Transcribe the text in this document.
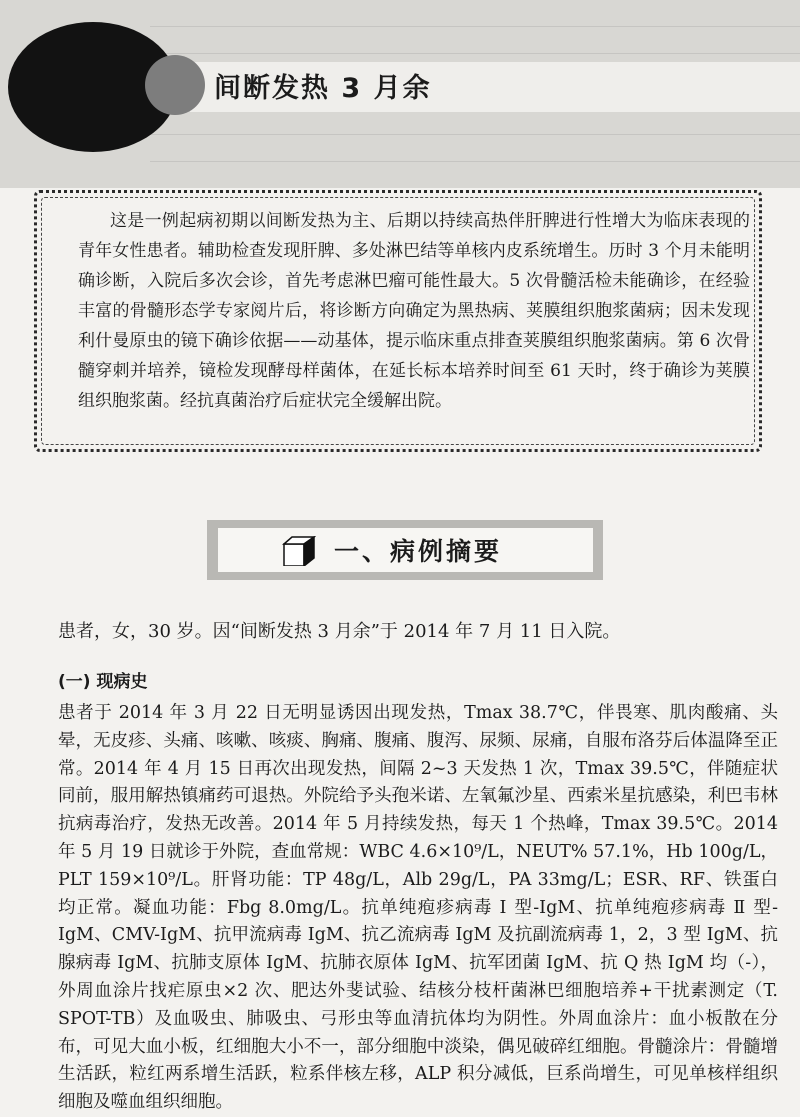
间断发热 3 月余
这是一例起病初期以间断发热为主、后期以持续高热伴肝脾进行性增大为临床表现的青年女性患者。辅助检查发现肝脾、多处淋巴结等单核内皮系统增生。历时 3 个月未能明确诊断，入院后多次会诊，首先考虑淋巴瘤可能性最大。5 次骨髓活检未能确诊，在经验丰富的骨髓形态学专家阅片后，将诊断方向确定为黑热病、荚膜组织胞浆菌病；因未发现利什曼原虫的镜下确诊依据——动基体，提示临床重点排查荚膜组织胞浆菌病。第 6 次骨髓穿刺并培养，镜检发现酵母样菌体，在延长标本培养时间至 61 天时，终于确诊为荚膜组织胞浆菌。经抗真菌治疗后症状完全缓解出院。
一、病例摘要
患者，女，30 岁。因“间断发热 3 月余”于 2014 年 7 月 11 日入院。
(一) 现病史
患者于 2014 年 3 月 22 日无明显诱因出现发热，Tmax 38.7℃，伴畏寒、肌肉酸痛、头晕，无皮疹、头痛、咳嗽、咳痰、胸痛、腹痛、腹泻、尿频、尿痛，自服布洛芬后体温降至正常。2014 年 4 月 15 日再次出现发热，间隔 2~3 天发热 1 次，Tmax 39.5℃，伴随症状同前，服用解热镇痛药可退热。外院给予头孢米诺、左氧氟沙星、西索米星抗感染，利巴韦林抗病毒治疗，发热无改善。2014 年 5 月持续发热，每天 1 个热峰，Tmax 39.5℃。2014 年 5 月 19 日就诊于外院，查血常规：WBC 4.6×10⁹/L，NEUT% 57.1%，Hb 100g/L，PLT 159×10⁹/L。肝肾功能：TP 48g/L，Alb 29g/L，PA 33mg/L；ESR、RF、铁蛋白均正常。凝血功能：Fbg 8.0mg/L。抗单纯疱疹病毒 Ⅰ 型-IgM、抗单纯疱疹病毒 Ⅱ 型-IgM、CMV-IgM、抗甲流病毒 IgM、抗乙流病毒 IgM 及抗副流病毒 1，2，3 型 IgM、抗腺病毒 IgM、抗肺支原体 IgM、抗肺衣原体 IgM、抗军团菌 IgM、抗 Q 热 IgM 均（-），外周血涂片找疟原虫×2 次、肥达外斐试验、结核分枝杆菌淋巴细胞培养+干扰素测定（T. SPOT-TB）及血吸虫、肺吸虫、弓形虫等血清抗体均为阴性。外周血涂片：血小板散在分布，可见大血小板，红细胞大小不一，部分细胞中淡染，偶见破碎红细胞。骨髓涂片：骨髓增生活跃，粒红两系增生活跃，粒系伴核左移，ALP 积分减低，巨系尚增生，可见单核样组织细胞及噬血组织细胞。
